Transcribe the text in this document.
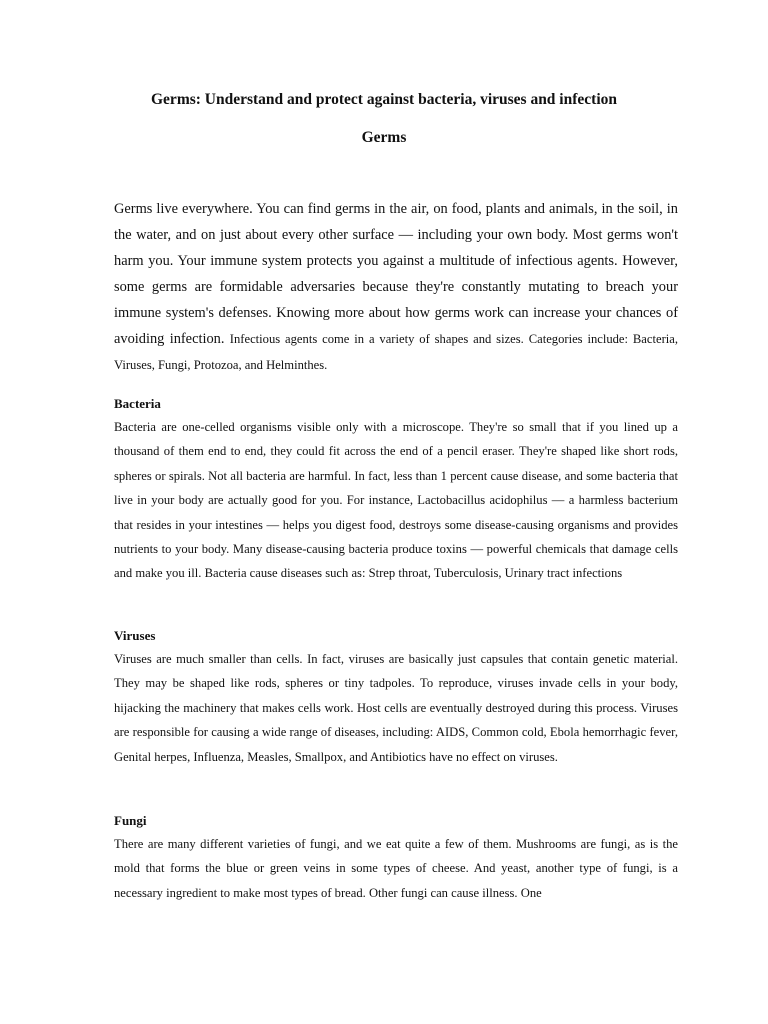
Germs: Understand and protect against bacteria, viruses and infection
Germs

Germs live everywhere. You can find germs in the air, on food, plants and animals, in the soil, in the water, and on just about every other surface — including your own body. Most germs won't harm you. Your immune system protects you against a multitude of infectious agents. However, some germs are formidable adversaries because they're constantly mutating to breach your immune system's defenses. Knowing more about how germs work can increase your chances of avoiding infection. Infectious agents come in a variety of shapes and sizes. Categories include: Bacteria, Viruses, Fungi, Protozoa, and Helminthes.

Bacteria

Bacteria are one-celled organisms visible only with a microscope. They're so small that if you lined up a thousand of them end to end, they could fit across the end of a pencil eraser. They're shaped like short rods, spheres or spirals. Not all bacteria are harmful. In fact, less than 1 percent cause disease, and some bacteria that live in your body are actually good for you. For instance, Lactobacillus acidophilus — a harmless bacterium that resides in your intestines — helps you digest food, destroys some disease-causing organisms and provides nutrients to your body. Many disease-causing bacteria produce toxins — powerful chemicals that damage cells and make you ill. Bacteria cause diseases such as: Strep throat, Tuberculosis, Urinary tract infections

Viruses

Viruses are much smaller than cells. In fact, viruses are basically just capsules that contain genetic material. They may be shaped like rods, spheres or tiny tadpoles. To reproduce, viruses invade cells in your body, hijacking the machinery that makes cells work. Host cells are eventually destroyed during this process. Viruses are responsible for causing a wide range of diseases, including: AIDS, Common cold, Ebola hemorrhagic fever, Genital herpes, Influenza, Measles, Smallpox, and Antibiotics have no effect on viruses.

Fungi

There are many different varieties of fungi, and we eat quite a few of them. Mushrooms are fungi, as is the mold that forms the blue or green veins in some types of cheese. And yeast, another type of fungi, is a necessary ingredient to make most types of bread. Other fungi can cause illness. One
